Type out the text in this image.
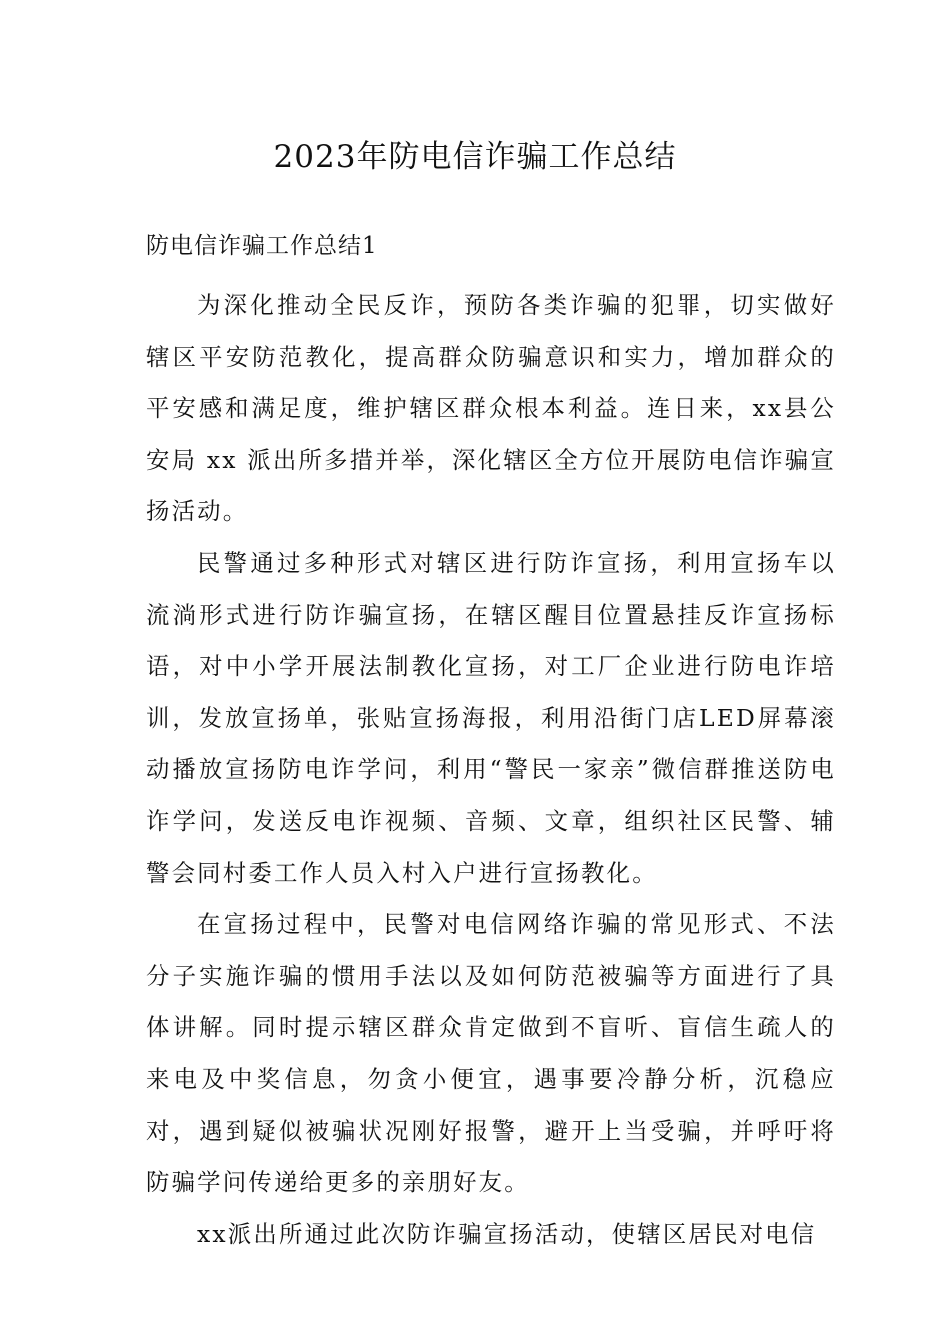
2023年防电信诈骗工作总结

防电信诈骗工作总结1

为深化推动全民反诈，预防各类诈骗的犯罪，切实做好辖区平安防范教化，提高群众防骗意识和实力，增加群众的平安感和满足度，维护辖区群众根本利益。连日来，xx县公安局 xx 派出所多措并举，深化辖区全方位开展防电信诈骗宣扬活动。

民警通过多种形式对辖区进行防诈宣扬，利用宣扬车以流淌形式进行防诈骗宣扬，在辖区醒目位置悬挂反诈宣扬标语，对中小学开展法制教化宣扬，对工厂企业进行防电诈培训，发放宣扬单，张贴宣扬海报，利用沿街门店LED屏幕滚动播放宣扬防电诈学问，利用“警民一家亲”微信群推送防电诈学问，发送反电诈视频、音频、文章，组织社区民警、辅警会同村委工作人员入村入户进行宣扬教化。

在宣扬过程中，民警对电信网络诈骗的常见形式、不法分子实施诈骗的惯用手法以及如何防范被骗等方面进行了具体讲解。同时提示辖区群众肯定做到不盲听、盲信生疏人的来电及中奖信息，勿贪小便宜，遇事要冷静分析，沉稳应对，遇到疑似被骗状况刚好报警，避开上当受骗，并呼吁将防骗学问传递给更多的亲朋好友。

xx派出所通过此次防诈骗宣扬活动，使辖区居民对电信
